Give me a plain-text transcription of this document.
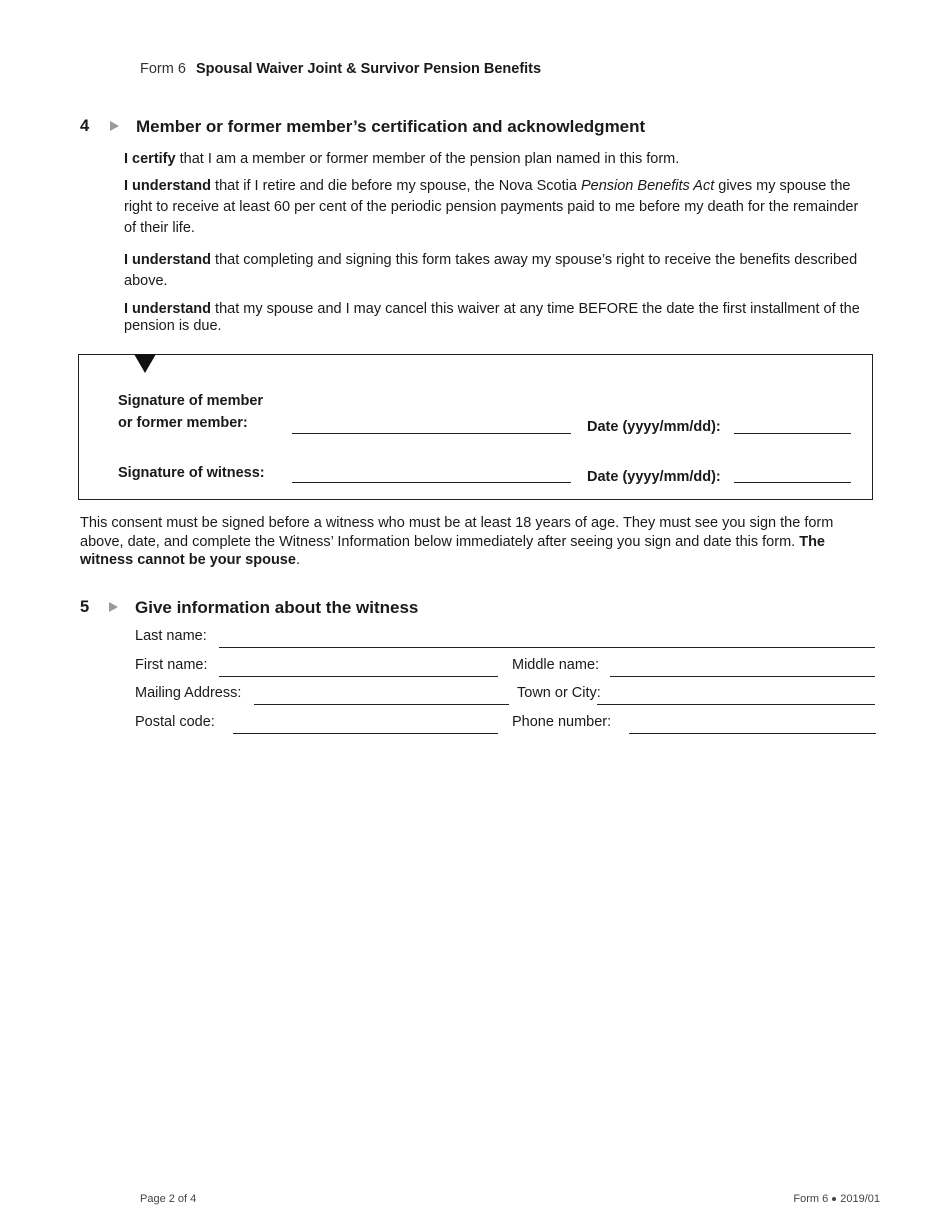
Form 6 Spousal Waiver Joint & Survivor Pension Benefits
4	Member or former member’s certification and acknowledgment
I certify that I am a member or former member of the pension plan named in this form.
I understand that if I retire and die before my spouse, the Nova Scotia Pension Benefits Act gives my spouse the right to receive at least 60 per cent of the periodic pension payments paid to me before my death for the remainder of their life.
I understand that completing and signing this form takes away my spouse’s right to receive the benefits described above.
I understand that my spouse and I may cancel this waiver at any time BEFORE the date the first installment of the pension is due.
Signature of member
or former member:	Date (yyyy/mm/dd):
Signature of witness:	Date (yyyy/mm/dd):
This consent must be signed before a witness who must be at least 18 years of age. They must see you sign the form above, date, and complete the Witness’ Information below immediately after seeing you sign and date this form. The witness cannot be your spouse.
5	Give information about the witness
Last name:
First name:	Middle name:
Mailing Address:	Town or City:
Postal code:	Phone number:
Page 2 of 4	Form 6 2019/01
